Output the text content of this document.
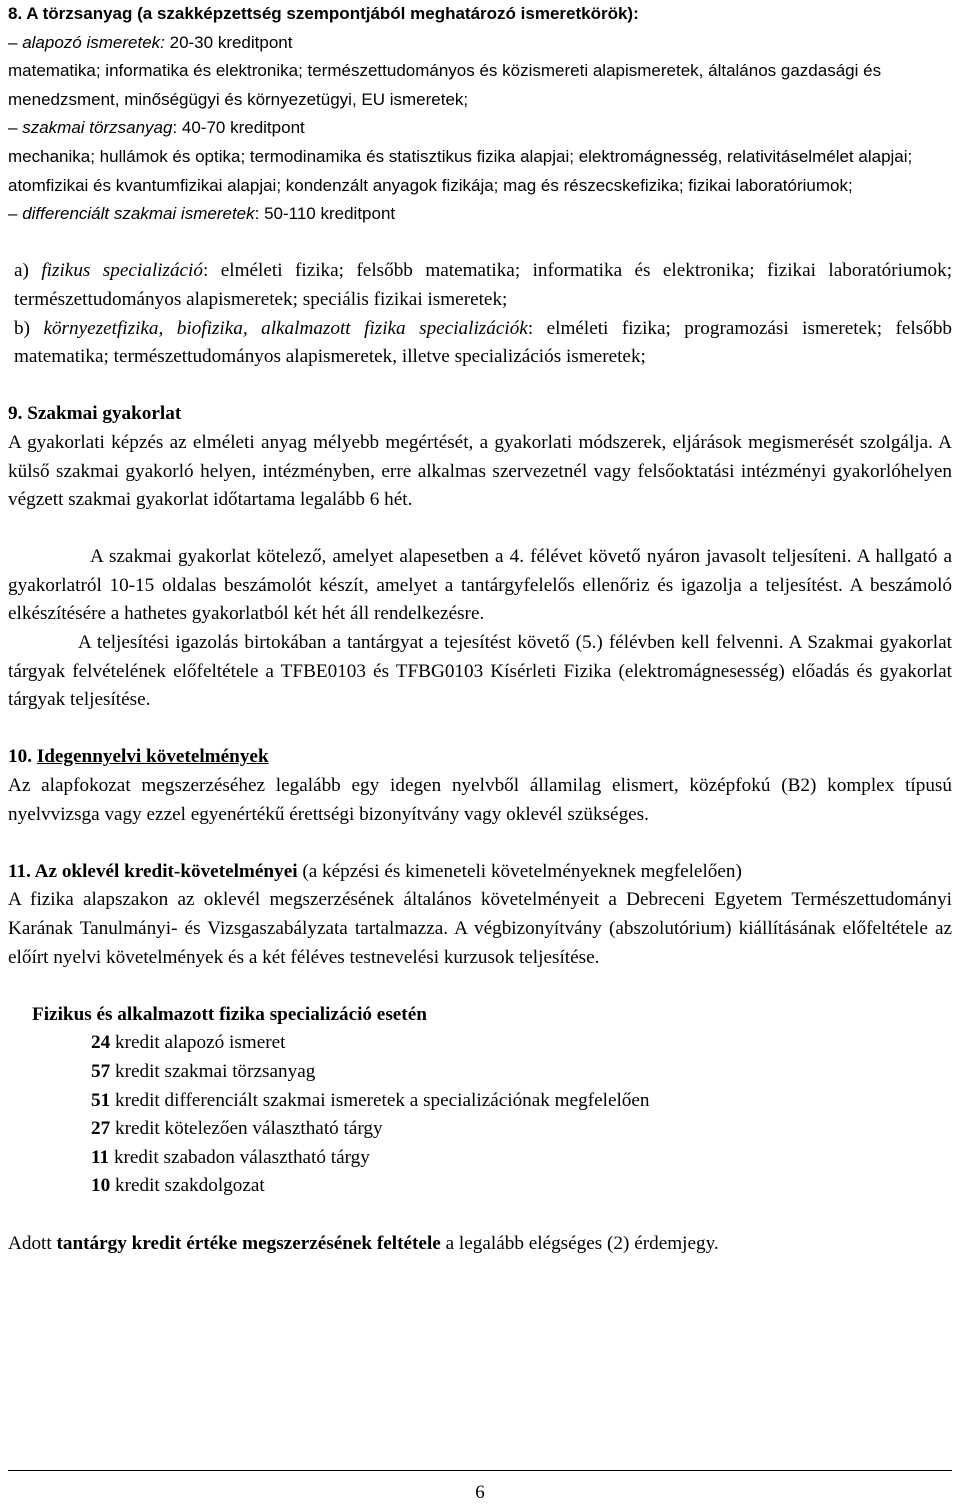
8. A törzsanyag (a szakképzettség szempontjából meghatározó ismeretkörök):

– alapozó ismeretek: 20-30 kreditpont

matematika; informatika és elektronika; természettudományos és közismereti alapismeretek, általános gazdasági és menedzsment, minőségügyi és környezetügyi, EU ismeretek;

– szakmai törzsanyag: 40-70 kreditpont

mechanika; hullámok és optika; termodinamika és statisztikus fizika alapjai; elektromágnesség, relativitáselmélet alapjai; atomfizikai és kvantumfizikai alapjai; kondenzált anyagok fizikája; mag és részecskefizika; fizikai laboratóriumok;

– differenciált szakmai ismeretek: 50-110 kreditpont

a) fizikus specializáció: elméleti fizika; felsőbb matematika; informatika és elektronika; fizikai laboratóriumok; természettudományos alapismeretek; speciális fizikai ismeretek;

b) környezetfizika, biofizika, alkalmazott fizika specializációk: elméleti fizika; programozási ismeretek; felsőbb matematika; természettudományos alapismeretek, illetve specializációs ismeretek;

9. Szakmai gyakorlat

A gyakorlati képzés az elméleti anyag mélyebb megértését, a gyakorlati módszerek, eljárások megismerését szolgálja. A külső szakmai gyakorló helyen, intézményben, erre alkalmas szervezetnél vagy felsőoktatási intézményi gyakorlóhelyen végzett szakmai gyakorlat időtartama legalább 6 hét.

A szakmai gyakorlat kötelező, amelyet alapesetben a 4. félévet követő nyáron javasolt teljesíteni. A hallgató a gyakorlatról 10-15 oldalas beszámolót készít, amelyet a tantárgyfelelős ellenőriz és igazolja a teljesítést. A beszámoló elkészítésére a hathetes gyakorlatból két hét áll rendelkezésre.

A teljesítési igazolás birtokában a tantárgyat a tejesítést követő (5.) félévben kell felvenni. A Szakmai gyakorlat tárgyak felvételének előfeltétele a TFBE0103 és TFBG0103 Kísérleti Fizika (elektromágnesesség) előadás és gyakorlat tárgyak teljesítése.

10. Idegennyelvi követelmények

Az alapfokozat megszerzéséhez legalább egy idegen nyelvből államilag elismert, középfokú (B2) komplex típusú nyelvvizsga vagy ezzel egyenértékű érettségi bizonyítvány vagy oklevél szükséges.

11. Az oklevél kredit-követelményei (a képzési és kimeneteli követelményeknek megfelelően)

A fizika alapszakon az oklevél megszerzésének általános követelményeit a Debreceni Egyetem Természettudományi Karának Tanulmányi- és Vizsgaszabályzata tartalmazza. A végbizonyítvány (abszolutórium) kiállításának előfeltétele az előírt nyelvi követelmények és a két féléves testnevelési kurzusok teljesítése.

Fizikus és alkalmazott fizika specializáció esetén

24 kredit alapozó ismeret

57 kredit szakmai törzsanyag

51 kredit differenciált szakmai ismeretek a specializációnak megfelelően

27 kredit kötelezően választható tárgy

11 kredit szabadon választható tárgy

10 kredit szakdolgozat

Adott tantárgy kredit értéke megszerzésének feltétele a legalább elégséges (2) érdemjegy.

6
